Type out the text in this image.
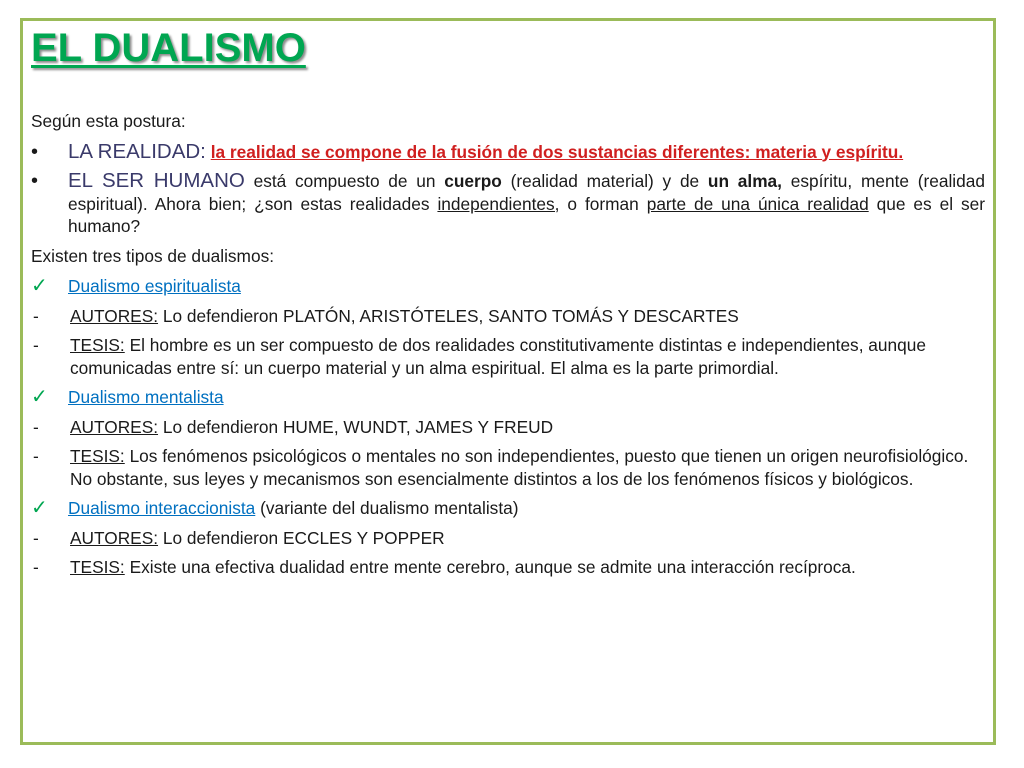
EL DUALISMO

Según esta postura:

•	LA REALIDAD: la realidad se compone de la fusión de dos sustancias diferentes: materia y espíritu.
•	EL SER HUMANO está compuesto de un cuerpo (realidad material) y de un alma, espíritu, mente (realidad espiritual). Ahora bien; ¿son estas realidades independientes, o forman parte de una única realidad que es el ser humano?

Existen tres tipos de dualismos:

✓	Dualismo espiritualista
-	AUTORES: Lo defendieron PLATÓN, ARISTÓTELES, SANTO TOMÁS Y DESCARTES
-	TESIS: El hombre es un ser compuesto de dos realidades constitutivamente distintas e independientes, aunque comunicadas entre sí: un cuerpo material y un alma espiritual. El alma es la parte primordial.
✓	Dualismo mentalista
-	AUTORES: Lo defendieron HUME, WUNDT, JAMES Y FREUD
-	TESIS: Los fenómenos psicológicos o mentales no son independientes, puesto que tienen un origen neurofisiológico. No obstante, sus leyes y mecanismos son esencialmente distintos a los de los fenómenos físicos y biológicos.
✓	Dualismo interaccionista (variante del dualismo mentalista)
-	AUTORES: Lo defendieron ECCLES Y POPPER
-	TESIS: Existe una efectiva dualidad entre mente cerebro, aunque se admite una interacción recíproca.
